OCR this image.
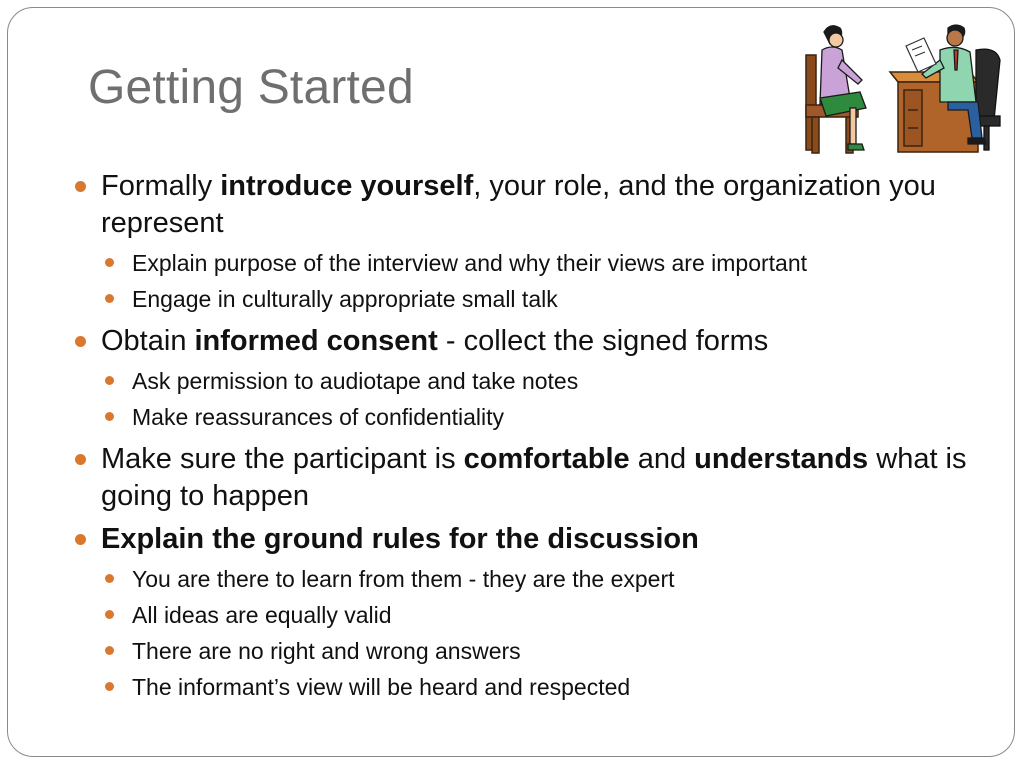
Getting Started
Formally introduce yourself, your role, and the organization you represent
Explain purpose of the interview and why their views are important
Engage in culturally appropriate small talk
Obtain informed consent - collect the signed forms
Ask permission to audiotape and take notes
Make reassurances of confidentiality
Make sure the participant is comfortable and understands what is going to happen
Explain the ground rules for the discussion
You are there to learn from them - they are the expert
All ideas are equally valid
There are no right and wrong answers
The informant’s view will be heard and respected
